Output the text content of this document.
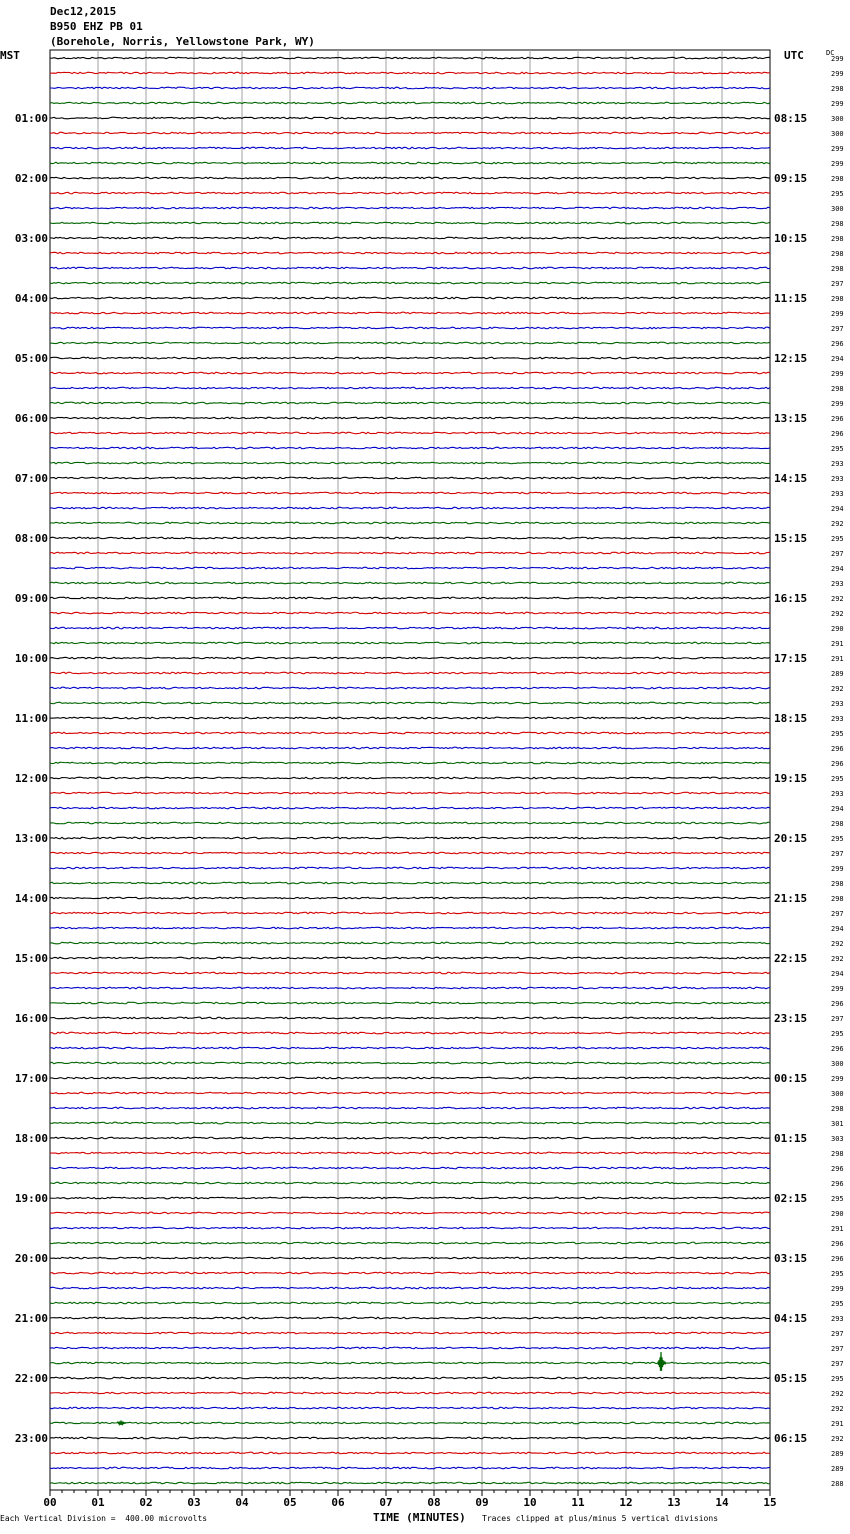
Dec12,2015
B950 EHZ PB 01
(Borehole, Norris, Yellowstone Park, WY)
MST	UTC	DC
01:00
02:00
03:00
04:00
05:00
06:00
07:00
08:00
09:00
10:00
11:00
12:00
13:00
14:00
15:00
16:00
17:00
18:00
19:00
20:00
21:00
22:00
23:00
08:15
09:15
10:15
11:15
12:15
13:15
14:15
15:15
16:15
17:15
18:15
19:15
20:15
21:15
22:15
23:15
00:15
01:15
02:15
03:15
04:15
05:15
06:15
299
299
298
299
300
300
299
299
298
295
300
298
298
298
298
297
298
299
297
296
294
299
298
299
296
296
295
293
293
293
294
292
295
297
294
293
292
292
290
291
291
289
292
293
293
295
296
296
295
293
294
298
295
297
299
298
298
297
294
292
292
294
299
296
297
295
296
300
299
300
298
301
303
298
296
296
295
290
291
296
296
295
299
295
293
297
297
297
295
292
292
291
292
289
289
288
00	01	02	03	04	05	06	07	08	09	10	11	12	13	14	15
Each Vertical Division =  400.00 microvolts	TIME (MINUTES) Traces clipped at plus/minus 5 vertical divisions
